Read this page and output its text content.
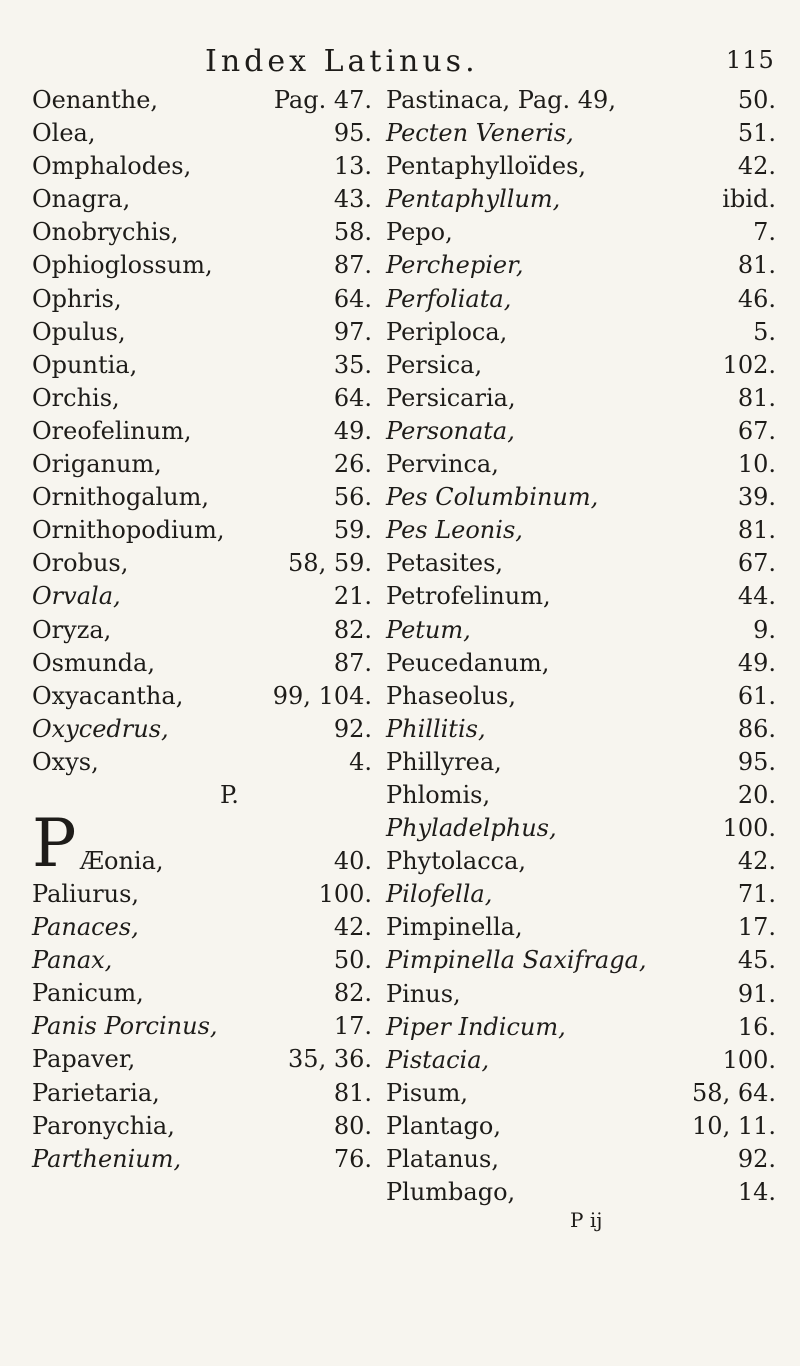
Index Latinus.	115
Oenanthe,	Pag. 47.
Olea,	95.
Omphalodes,	13.
Onagra,	43.
Onobrychis,	58.
Ophioglossum,	87.
Ophris,	64.
Opulus,	97.
Opuntia,	35.
Orchis,	64.
Oreofelinum,	49.
Origanum,	26.
Ornithogalum,	56.
Ornithopodium,	59.
Orobus,	58, 59.
Orvala,	21.
Oryza,	82.
Osmunda,	87.
Oxyacantha,	99, 104.
Oxycedrus,	92.
Oxys,	4.
P.
P Æonia,	40.
Paliurus,	100.
Panaces,	42.
Panax,	50.
Panicum,	82.
Panis Porcinus,	17.
Papaver,	35, 36.
Parietaria,	81.
Paronychia,	80.
Parthenium,	76.
Pastinaca, Pag. 49,	50.
Pecten Veneris,	51.
Pentaphylloïdes,	42.
Pentaphyllum,	ibid.
Pepo,	7.
Perchepier,	81.
Perfoliata,	46.
Periploca,	5.
Persica,	102.
Persicaria,	81.
Personata,	67.
Pervinca,	10.
Pes Columbinum,	39.
Pes Leonis,	81.
Petasites,	67.
Petrofelinum,	44.
Petum,	9.
Peucedanum,	49.
Phaseolus,	61.
Phillitis,	86.
Phillyrea,	95.
Phlomis,	20.
Phyladelphus,	100.
Phytolacca,	42.
Pilofella,	71.
Pimpinella,	17.
Pimpinella Saxifraga,	45.
Pinus,	91.
Piper Indicum,	16.
Pistacia,	100.
Pisum,	58, 64.
Plantago,	10, 11.
Platanus,	92.
Plumbago,	14.
P ij
